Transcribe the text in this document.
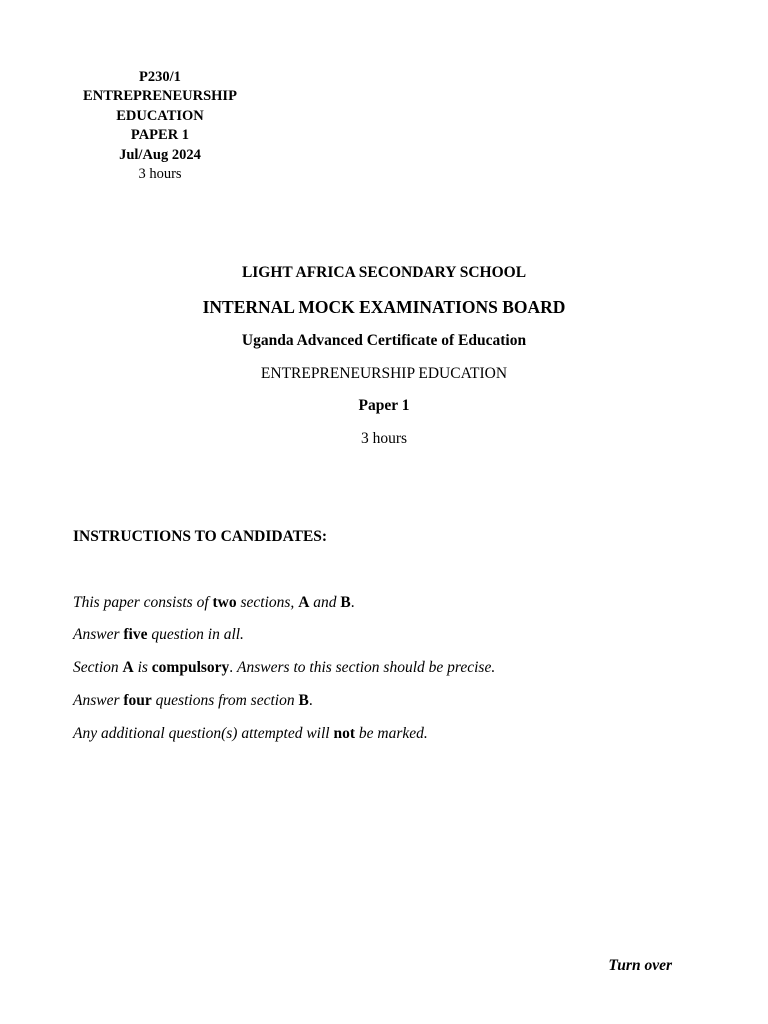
P230/1
ENTREPRENEURSHIP
EDUCATION
PAPER 1
Jul/Aug 2024
3 hours
LIGHT AFRICA SECONDARY SCHOOL
INTERNAL MOCK EXAMINATIONS BOARD
Uganda Advanced Certificate of Education
ENTREPRENEURSHIP EDUCATION
Paper 1
3 hours
INSTRUCTIONS TO CANDIDATES:
This paper consists of two sections, A and B.
Answer five question in all.
Section A is compulsory. Answers to this section should be precise.
Answer four questions from section B.
Any additional question(s) attempted will not be marked.
Turn over
